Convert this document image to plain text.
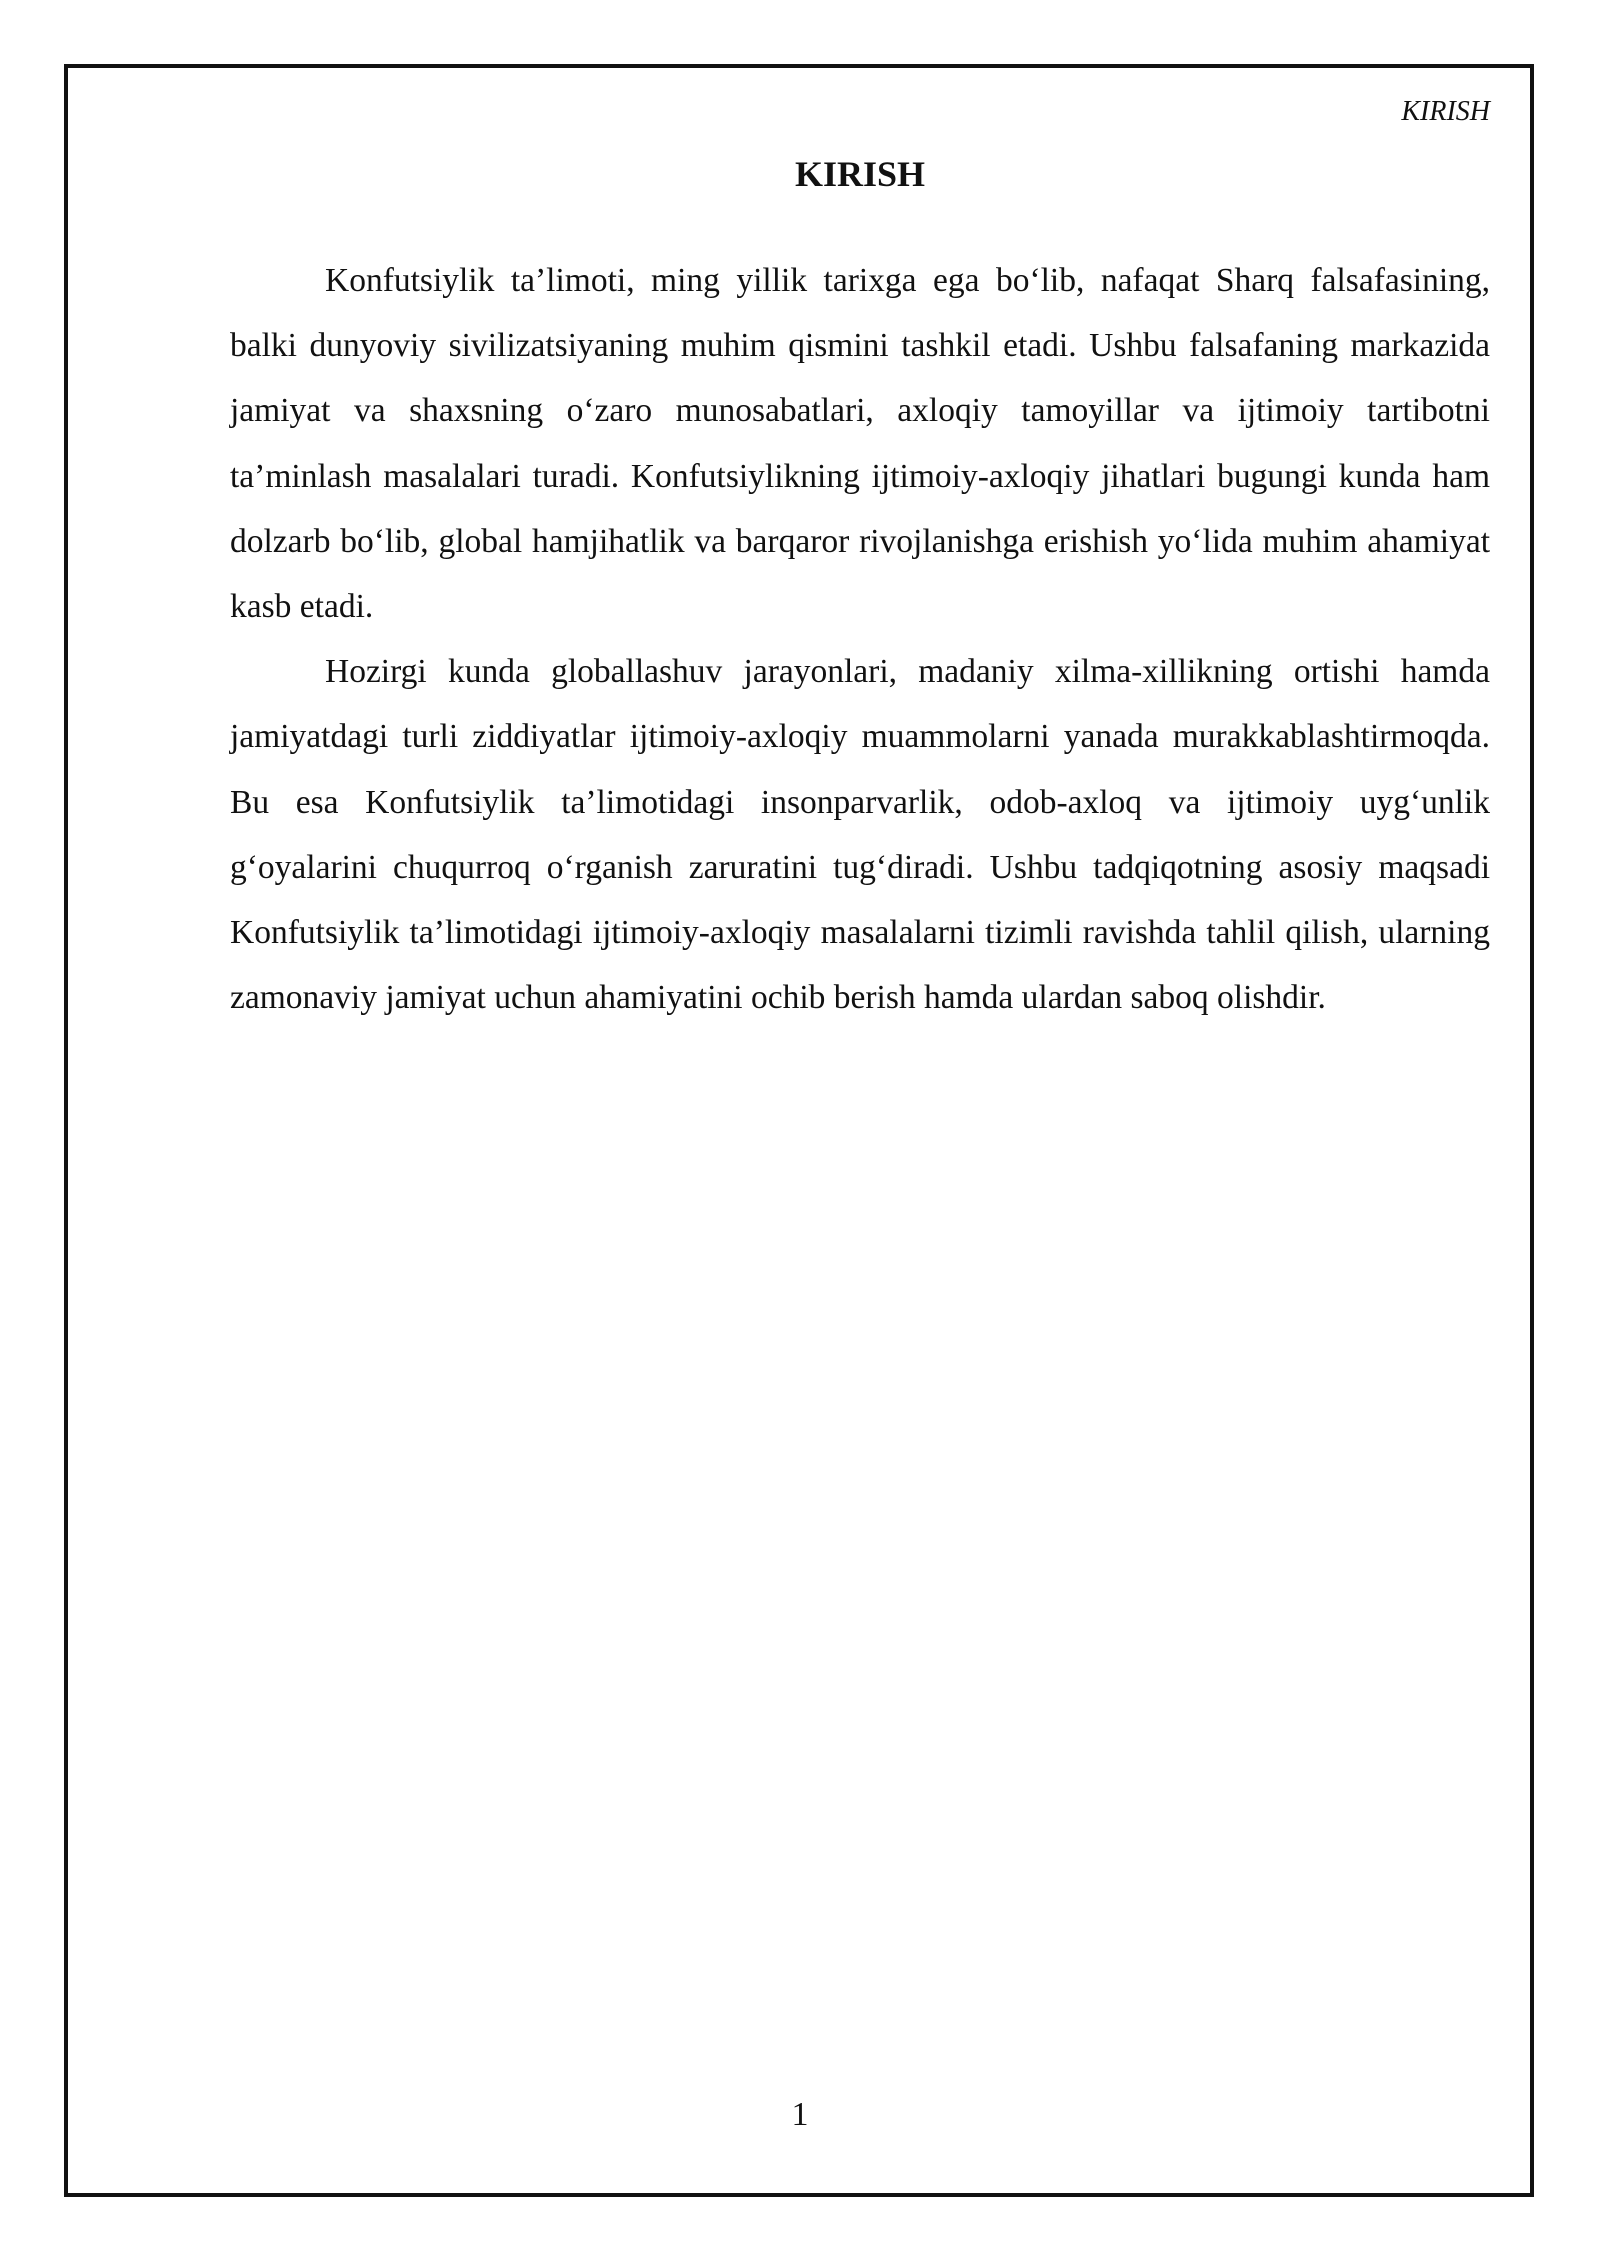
KIRISH
KIRISH

Konfutsiylik ta’limoti, ming yillik tarixga ega bo‘lib, nafaqat Sharq falsafasining, balki dunyoviy sivilizatsiyaning muhim qismini tashkil etadi. Ushbu falsafaning markazida jamiyat va shaxsning o‘zaro munosabatlari, axloqiy tamoyillar va ijtimoiy tartibotni ta’minlash masalalari turadi. Konfutsiylikning ijtimoiy-axloqiy jihatlari bugungi kunda ham dolzarb bo‘lib, global hamjihatlik va barqaror rivojlanishga erishish yo‘lida muhim ahamiyat kasb etadi.

Hozirgi kunda globallashuv jarayonlari, madaniy xilma-xillikning ortishi hamda jamiyatdagi turli ziddiyatlar ijtimoiy-axloqiy muammolarni yanada murakkablashtirmoqda. Bu esa Konfutsiylik ta’limotidagi insonparvarlik, odob-axloq va ijtimoiy uyg‘unlik g‘oyalarini chuqurroq o‘rganish zaruratini tug‘diradi. Ushbu tadqiqotning asosiy maqsadi Konfutsiylik ta’limotidagi ijtimoiy-axloqiy masalalarni tizimli ravishda tahlil qilish, ularning zamonaviy jamiyat uchun ahamiyatini ochib berish hamda ulardan saboq olishdir.

1
